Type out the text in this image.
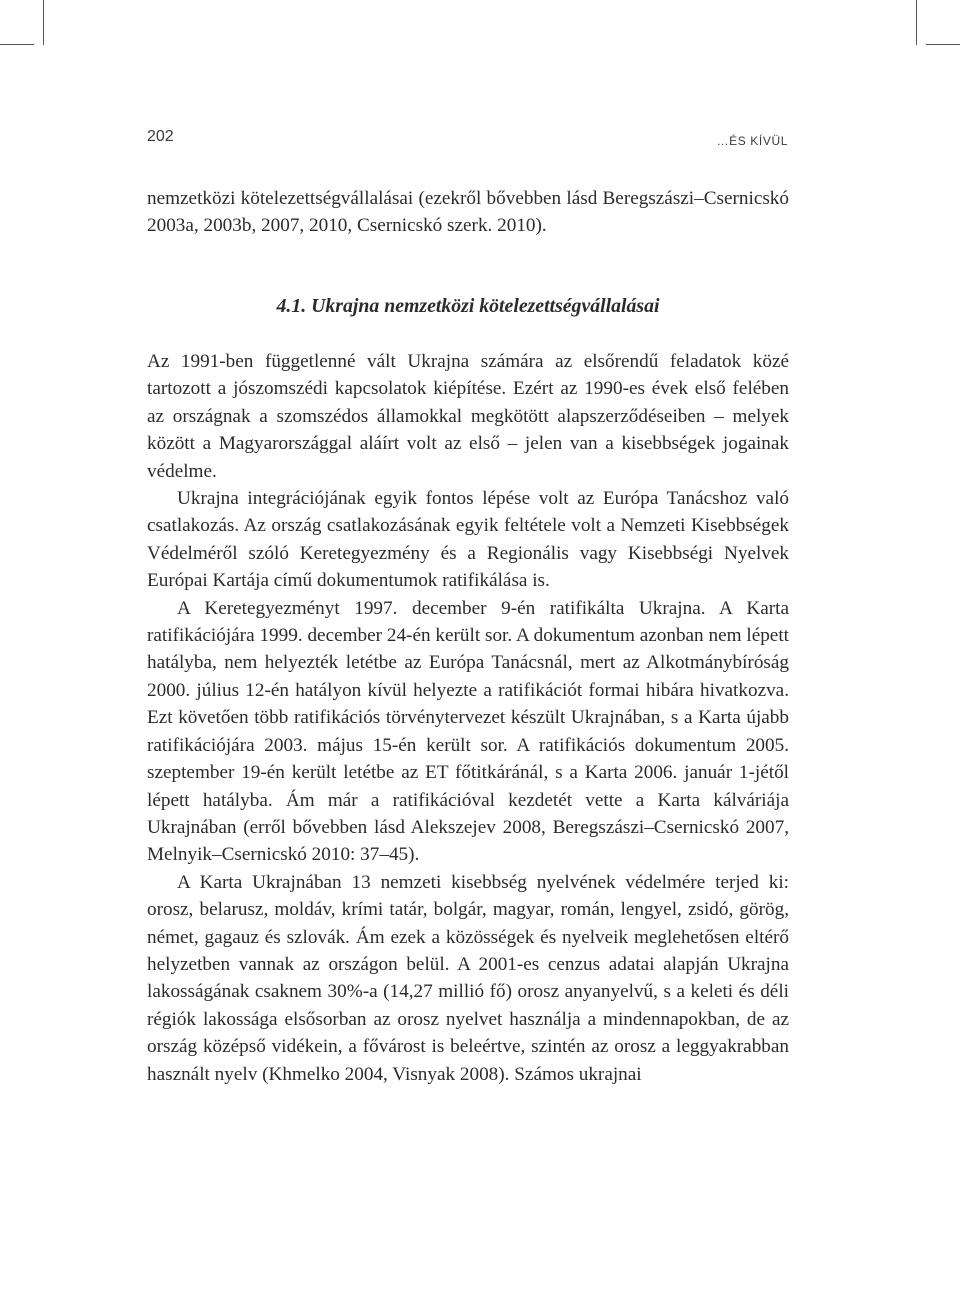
202	…ÉS KÍVÜL

nemzetközi kötelezettségvállalásai (ezekről bővebben lásd Beregszászi–Csernicskó 2003a, 2003b, 2007, 2010, Csernicskó szerk. 2010).

4.1. Ukrajna nemzetközi kötelezettségvállalásai

Az 1991-ben függetlenné vált Ukrajna számára az elsőrendű feladatok közé tartozott a jószomszédi kapcsolatok kiépítése. Ezért az 1990-es évek első felében az országnak a szomszédos államokkal megkötött alapszerződéseiben – melyek között a Magyarországgal aláírt volt az első – jelen van a kisebbségek jogainak védelme.

Ukrajna integrációjának egyik fontos lépése volt az Európa Tanácshoz való csatlakozás. Az ország csatlakozásának egyik feltétele volt a Nemzeti Kisebbségek Védelméről szóló Keretegyezmény és a Regionális vagy Kisebbségi Nyelvek Európai Kartája című dokumentumok ratifikálása is.

A Keretegyezményt 1997. december 9-én ratifikálta Ukrajna. A Karta ratifikációjára 1999. december 24-én került sor. A dokumentum azonban nem lépett hatályba, nem helyezték letétbe az Európa Tanácsnál, mert az Alkotmánybíróság 2000. július 12-én hatályon kívül helyezte a ratifikációt formai hibára hivatkozva. Ezt követően több ratifikációs törvénytervezet készült Ukrajnában, s a Karta újabb ratifikációjára 2003. május 15-én került sor. A ratifikációs dokumentum 2005. szeptember 19-én került letétbe az ET főtitkáránál, s a Karta 2006. január 1-jétől lépett hatályba. Ám már a ratifikációval kezdetét vette a Karta kálváriája Ukrajnában (erről bővebben lásd Alekszejev 2008, Beregszászi–Csernicskó 2007, Melnyik–Csernicskó 2010: 37–45).

A Karta Ukrajnában 13 nemzeti kisebbség nyelvének védelmére terjed ki: orosz, belarusz, moldáv, krími tatár, bolgár, magyar, román, lengyel, zsidó, görög, német, gagauz és szlovák. Ám ezek a közösségek és nyelveik meglehetősen eltérő helyzetben vannak az országon belül. A 2001-es cenzus adatai alapján Ukrajna lakosságának csaknem 30%-a (14,27 millió fő) orosz anyanyelvű, s a keleti és déli régiók lakossága elsősorban az orosz nyelvet használja a mindennapokban, de az ország középső vidékein, a fővárost is beleértve, szintén az orosz a leggyakrabban használt nyelv (Khmelko 2004, Visnyak 2008). Számos ukrajnai
